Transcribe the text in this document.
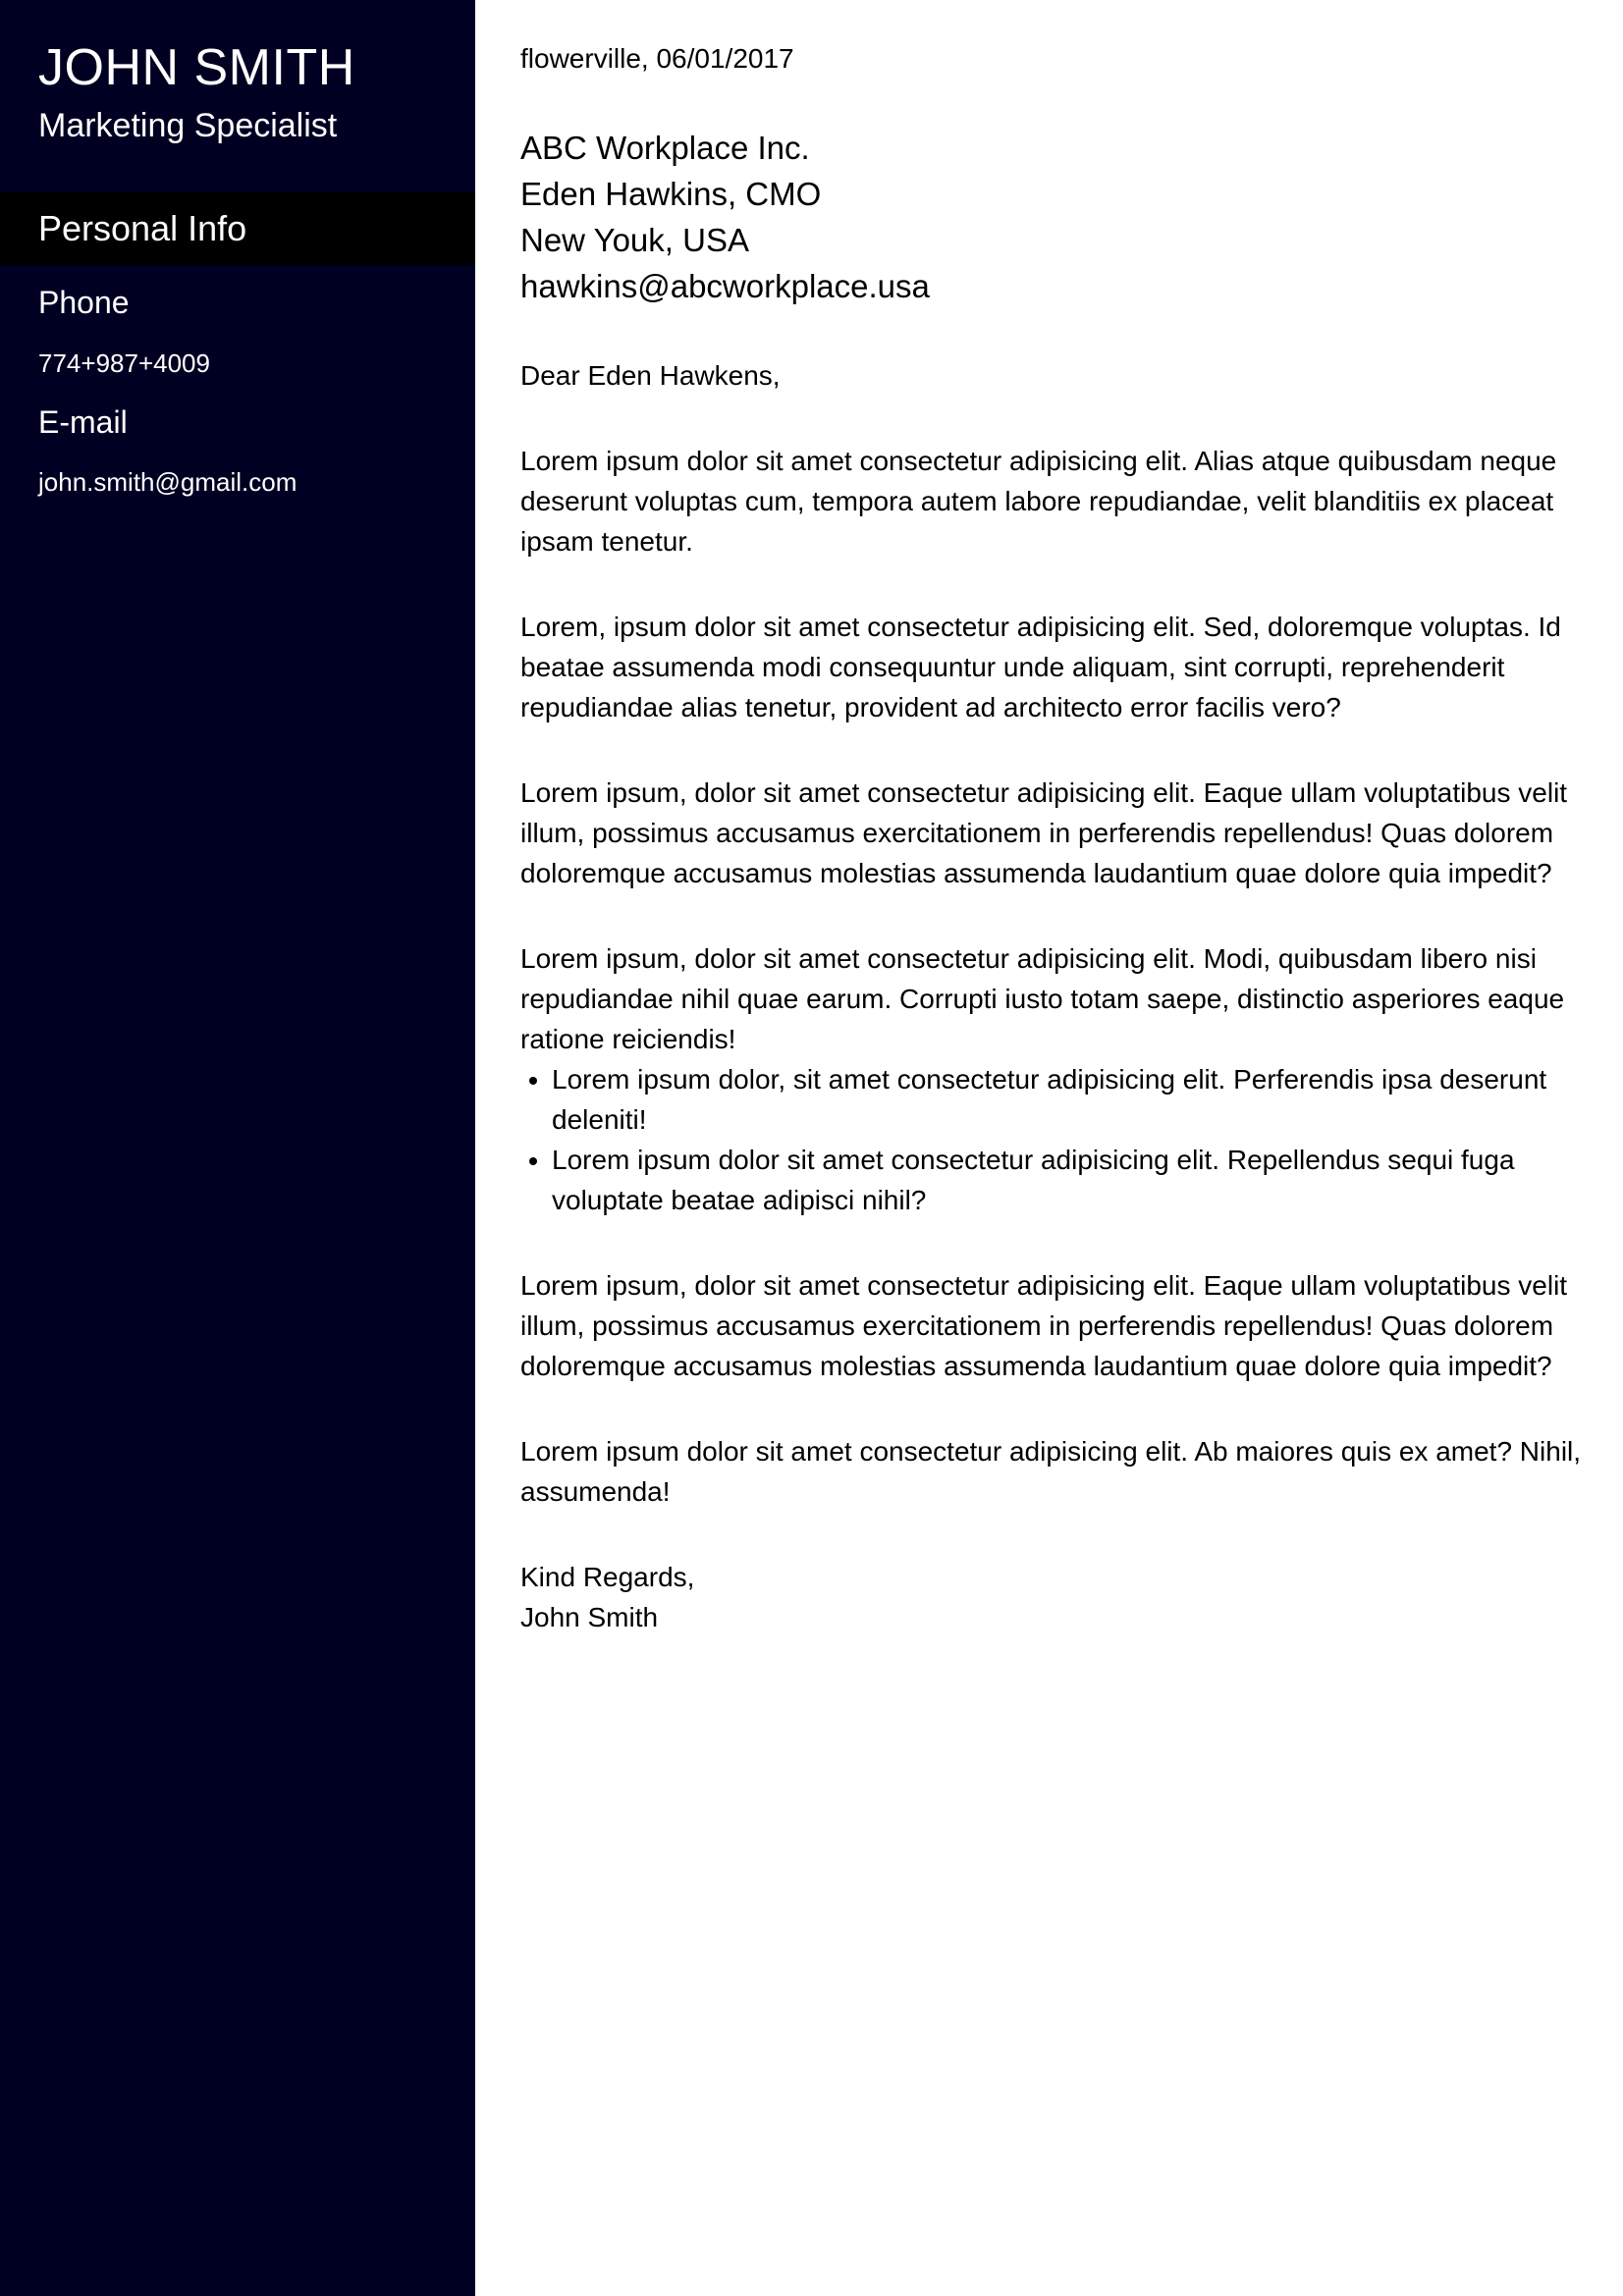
JOHN SMITH
Marketing Specialist
Personal Info
Phone
774+987+4009
E-mail
john.smith@gmail.com
flowerville, 06/01/2017
ABC Workplace Inc.
Eden Hawkins, CMO
New Youk, USA
hawkins@abcworkplace.usa

Dear Eden Hawkens,

Lorem ipsum dolor sit amet consectetur adipisicing elit. Alias atque quibusdam neque deserunt voluptas cum, tempora autem labore repudiandae, velit blanditiis ex placeat ipsam tenetur.

Lorem, ipsum dolor sit amet consectetur adipisicing elit. Sed, doloremque voluptas. Id beatae assumenda modi consequuntur unde aliquam, sint corrupti, reprehenderit repudiandae alias tenetur, provident ad architecto error facilis vero?

Lorem ipsum, dolor sit amet consectetur adipisicing elit. Eaque ullam voluptatibus velit illum, possimus accusamus exercitationem in perferendis repellendus! Quas dolorem doloremque accusamus molestias assumenda laudantium quae dolore quia impedit?

Lorem ipsum, dolor sit amet consectetur adipisicing elit. Modi, quibusdam libero nisi repudiandae nihil quae earum. Corrupti iusto totam saepe, distinctio asperiores eaque ratione reiciendis!

• Lorem ipsum dolor, sit amet consectetur adipisicing elit. Perferendis ipsa deserunt deleniti!
• Lorem ipsum dolor sit amet consectetur adipisicing elit. Repellendus sequi fuga voluptate beatae adipisci nihil?

Lorem ipsum, dolor sit amet consectetur adipisicing elit. Eaque ullam voluptatibus velit illum, possimus accusamus exercitationem in perferendis repellendus! Quas dolorem doloremque accusamus molestias assumenda laudantium quae dolore quia impedit?

Lorem ipsum dolor sit amet consectetur adipisicing elit. Ab maiores quis ex amet? Nihil, assumenda!

Kind Regards,
John Smith
